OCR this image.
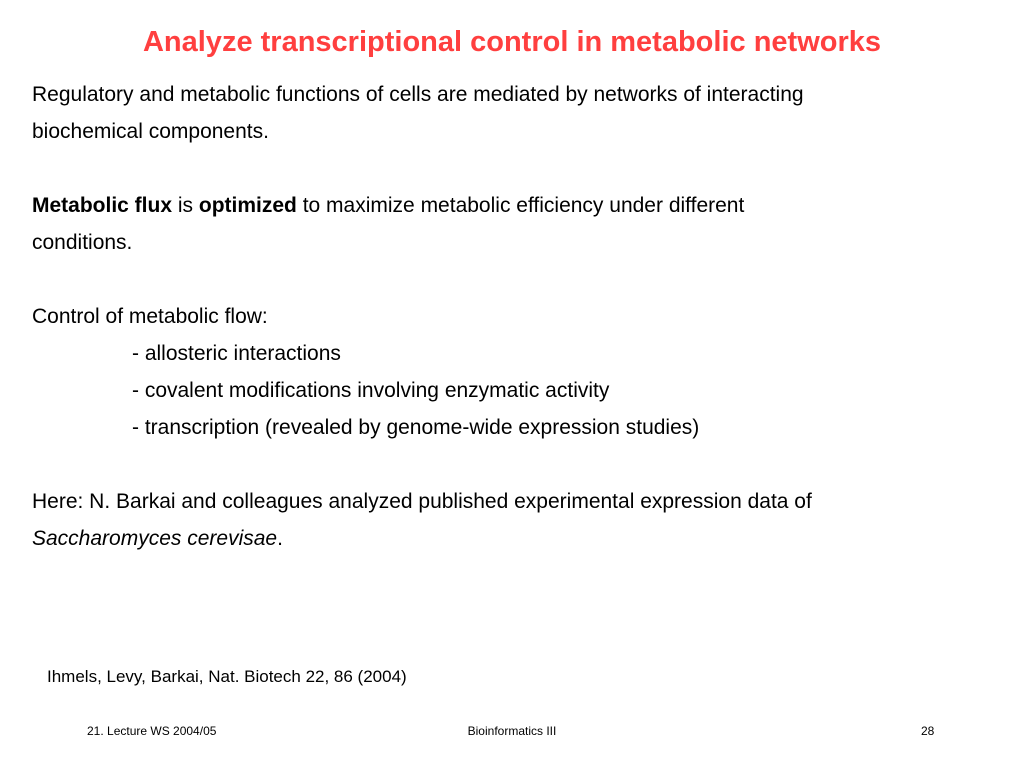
Analyze transcriptional control in metabolic networks

Regulatory and metabolic functions of cells are mediated by networks of interacting
biochemical components.

Metabolic flux is optimized to maximize metabolic efficiency under different
conditions.

Control of metabolic flow:

- allosteric interactions
- covalent modifications involving enzymatic activity
- transcription (revealed by genome-wide expression studies)

Here: N. Barkai and colleagues analyzed published experimental expression data of
Saccharomyces cerevisae.

Ihmels, Levy, Barkai, Nat. Biotech 22, 86 (2004)
21. Lecture WS 2004/05	Bioinformatics III	28
